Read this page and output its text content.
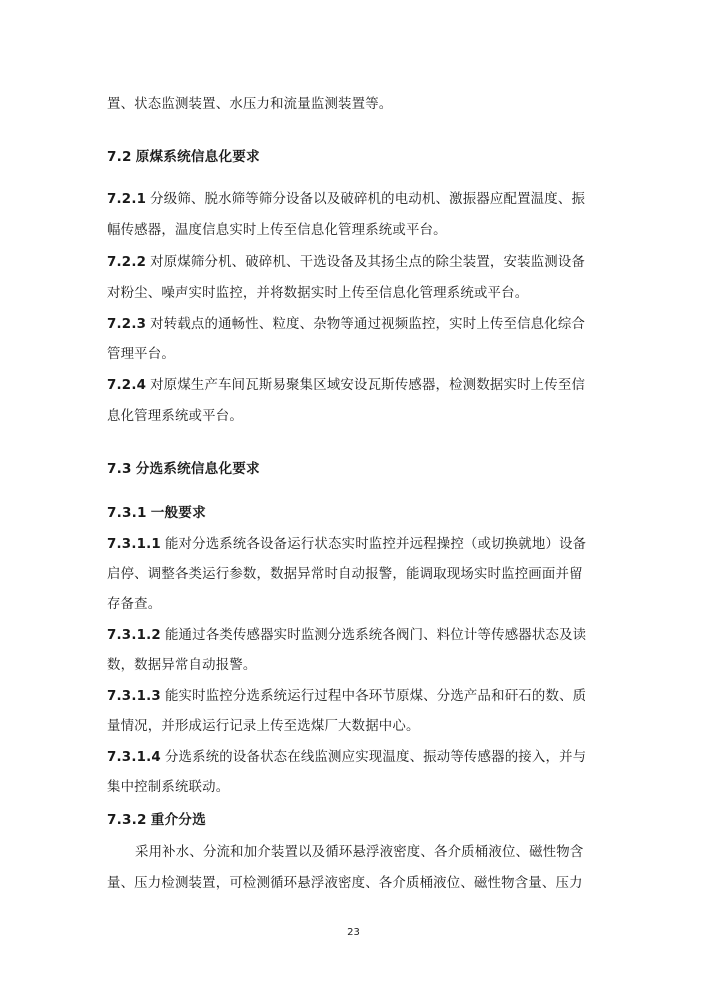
置、状态监测装置、水压力和流量监测装置等。
7.2 原煤系统信息化要求
7.2.1 分级筛、脱水筛等筛分设备以及破碎机的电动机、激振器应配置温度、振
幅传感器，温度信息实时上传至信息化管理系统或平台。
7.2.2 对原煤筛分机、破碎机、干选设备及其扬尘点的除尘装置，安装监测设备
对粉尘、噪声实时监控，并将数据实时上传至信息化管理系统或平台。
7.2.3 对转载点的通畅性、粒度、杂物等通过视频监控，实时上传至信息化综合
管理平台。
7.2.4 对原煤生产车间瓦斯易聚集区域安设瓦斯传感器，检测数据实时上传至信
息化管理系统或平台。
7.3 分选系统信息化要求
7.3.1 一般要求
7.3.1.1 能对分选系统各设备运行状态实时监控并远程操控（或切换就地）设备
启停、调整各类运行参数，数据异常时自动报警，能调取现场实时监控画面并留
存备查。
7.3.1.2 能通过各类传感器实时监测分选系统各阀门、料位计等传感器状态及读
数，数据异常自动报警。
7.3.1.3 能实时监控分选系统运行过程中各环节原煤、分选产品和矸石的数、质
量情况，并形成运行记录上传至选煤厂大数据中心。
7.3.1.4 分选系统的设备状态在线监测应实现温度、振动等传感器的接入，并与
集中控制系统联动。
7.3.2 重介分选
采用补水、分流和加介装置以及循环悬浮液密度、各介质桶液位、磁性物含
量、压力检测装置，可检测循环悬浮液密度、各介质桶液位、磁性物含量、压力
23
